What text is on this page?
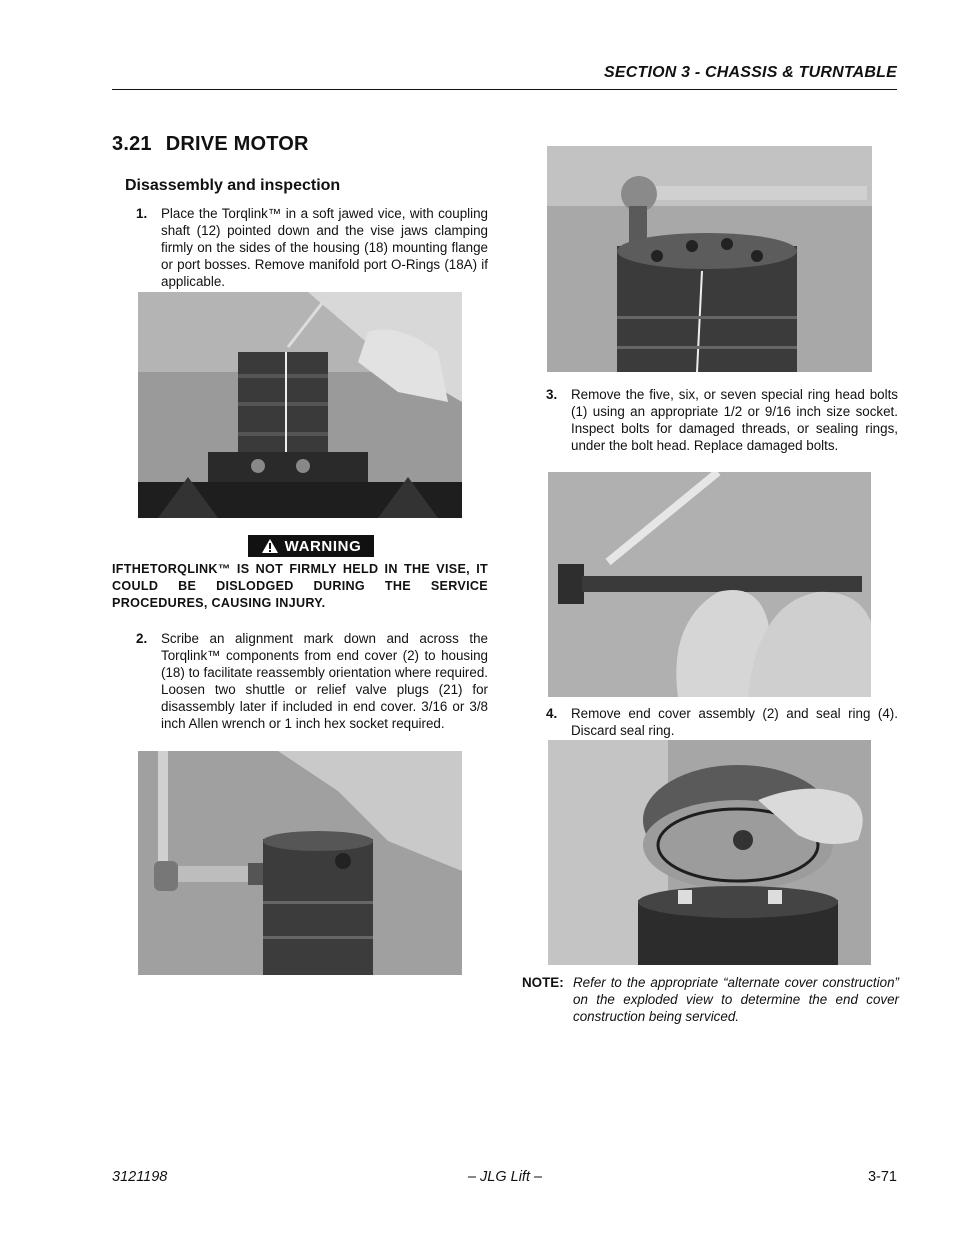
SECTION 3 - CHASSIS & TURNTABLE
3.21 DRIVE MOTOR
Disassembly and inspection
1. Place the Torqlink™ in a soft jawed vice, with coupling shaft (12) pointed down and the vise jaws clamping firmly on the sides of the housing (18) mounting flange or port bosses. Remove manifold port O-Rings (18A) if applicable.
WARNING
IFTHETORQLINK™ IS NOT FIRMLY HELD IN THE VISE, IT COULD BE DISLODGED DURING THE SERVICE PROCEDURES, CAUSING INJURY.
2. Scribe an alignment mark down and across the Torqlink™ components from end cover (2) to housing (18) to facilitate reassembly orientation where required. Loosen two shuttle or relief valve plugs (21) for disassembly later if included in end cover. 3/16 or 3/8 inch Allen wrench or 1 inch hex socket required.
3. Remove the five, six, or seven special ring head bolts (1) using an appropriate 1/2 or 9/16 inch size socket. Inspect bolts for damaged threads, or sealing rings, under the bolt head. Replace damaged bolts.
4. Remove end cover assembly (2) and seal ring (4). Discard seal ring.
NOTE: Refer to the appropriate “alternate cover construction” on the exploded view to determine the end cover construction being serviced.
3121198	– JLG Lift –	3-71
